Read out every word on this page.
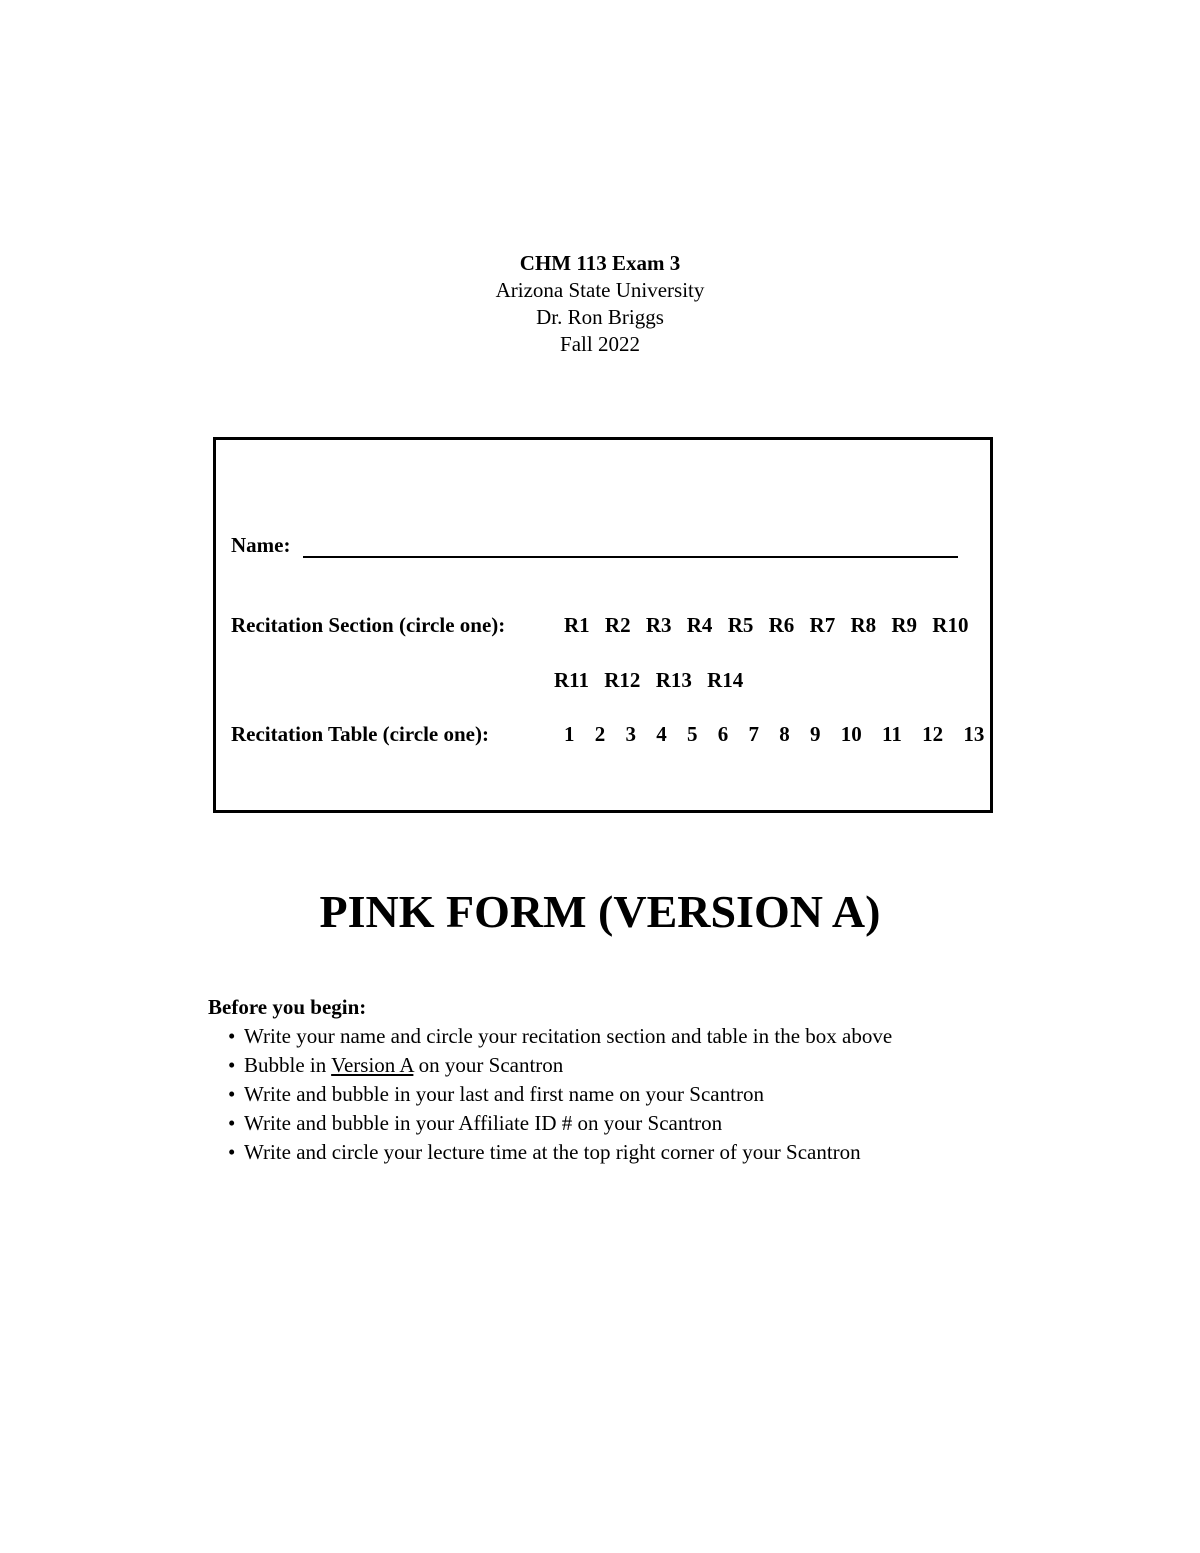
CHM 113 Exam 3
Arizona State University
Dr. Ron Briggs
Fall 2022
Name:
Recitation Section (circle one):	R1 R2 R3 R4 R5 R6 R7 R8 R9 R10
R11 R12 R13 R14
Recitation Table (circle one):	1 2 3 4 5 6 7 8 9 10 11 12 13
PINK FORM (VERSION A)
Before you begin:
• Write your name and circle your recitation section and table in the box above
• Bubble in Version A on your Scantron
• Write and bubble in your last and first name on your Scantron
• Write and bubble in your Affiliate ID # on your Scantron
• Write and circle your lecture time at the top right corner of your Scantron
